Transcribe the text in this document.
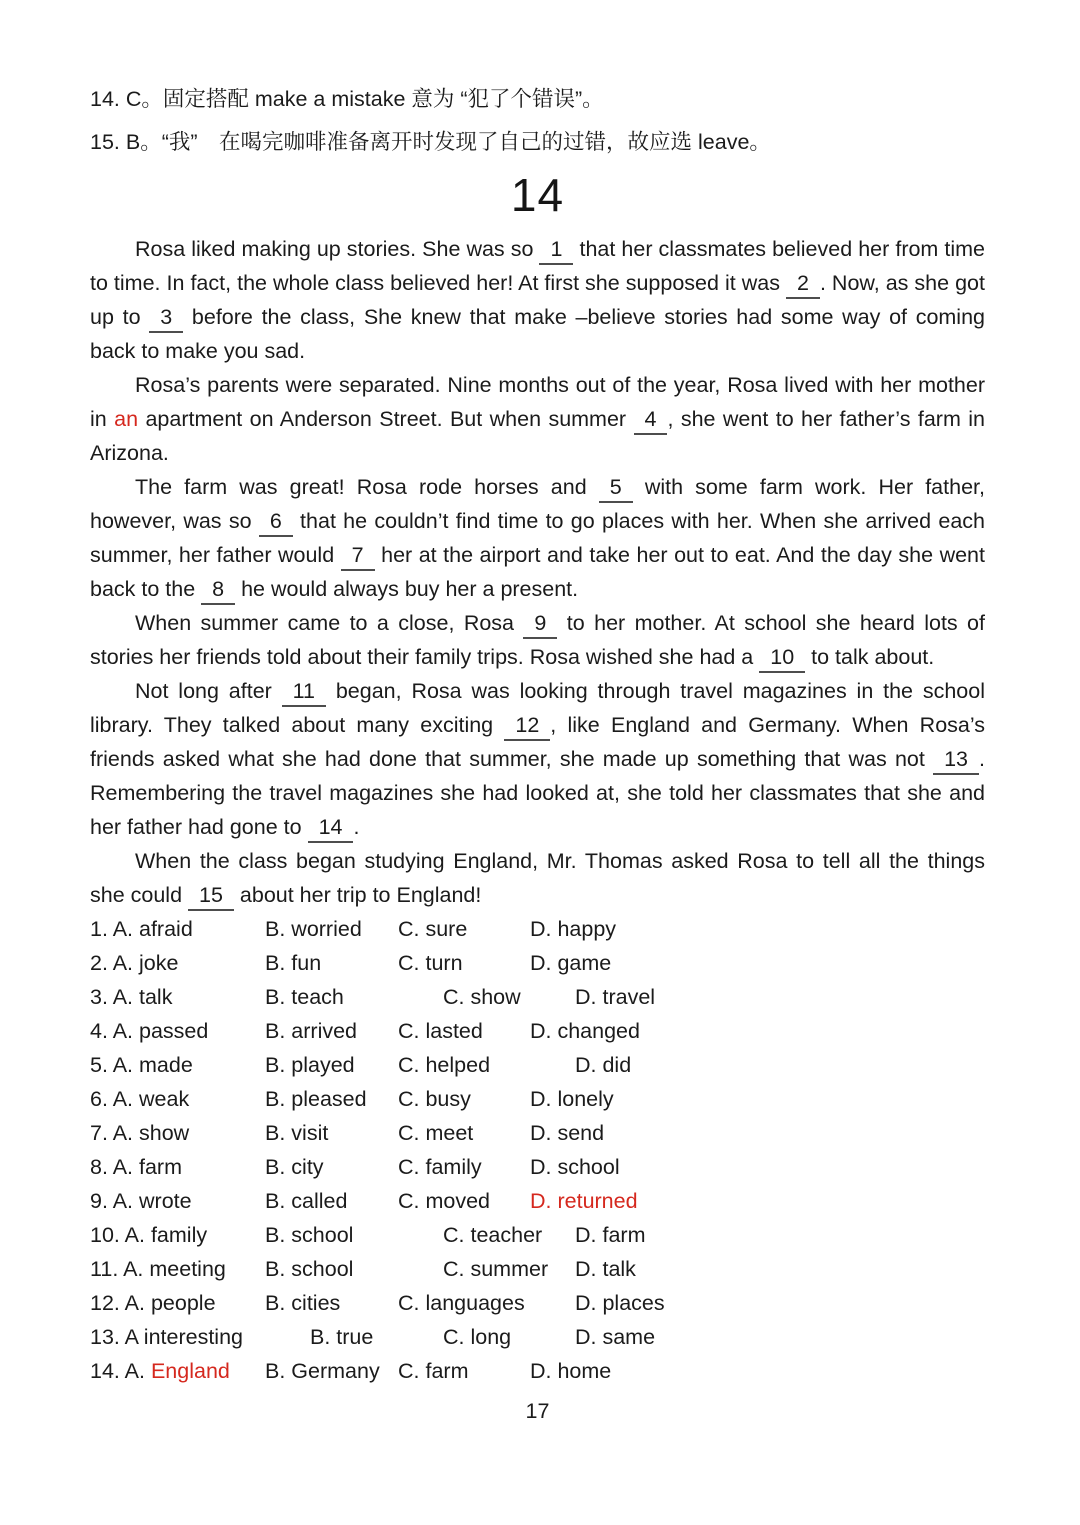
14. C。固定搭配 make a mistake 意为 “犯了个错误”。
15. B。“我”　在喝完咖啡准备离开时发现了自己的过错，故应选 leave。
14

Rosa liked making up stories. She was so 1 that her classmates believed her from time to time. In fact, the whole class believed her! At first she supposed it was 2 . Now, as she got up to 3 before the class, She knew that make –believe stories had some way of coming back to make you sad.

Rosa’s parents were separated. Nine months out of the year, Rosa lived with her mother in an apartment on Anderson Street. But when summer 4 , she went to her father’s farm in Arizona.

The farm was great! Rosa rode horses and 5 with some farm work. Her father, however, was so 6 that he couldn’t find time to go places with her. When she arrived each summer, her father would 7 her at the airport and take her out to eat. And the day she went back to the 8 he would always buy her a present.

When summer came to a close, Rosa 9 to her mother. At school she heard lots of stories her friends told about their family trips. Rosa wished she had a 10 to talk about.

Not long after 11 began, Rosa was looking through travel magazines in the school library. They talked about many exciting 12 , like England and Germany. When Rosa’s friends asked what she had done that summer, she made up something that was not 13 . Remembering the travel magazines she had looked at, she told her classmates that she and her father had gone to 14 .

When the class began studying England, Mr. Thomas asked Rosa to tell all the things she could 15 about her trip to England!

1. A. afraid	B. worried C. sure	D. happy
2. A. joke	B. fun	C. turn	D. game
3. A. talk	B. teach	C. show	D. travel
4. A. passed	B. arrived C. lasted D. changed
5. A. made	B. played C. helped	D. did
6. A. weak	B. pleased C. busy	D. lonely
7. A. show	B. visit	C. meet	D. send
8. A. farm	B. city	C. family D. school
9. A. wrote	B. called C. moved D. returned
10. A. family	B. school	C. teacher D. farm
11. A. meeting B. school	C. summer D. talk
12. A. people B. cities	C. languages D. places
13. A interesting	B. true	C. long	D. same
14. A. England B. Germany C. farm	D. home
17
